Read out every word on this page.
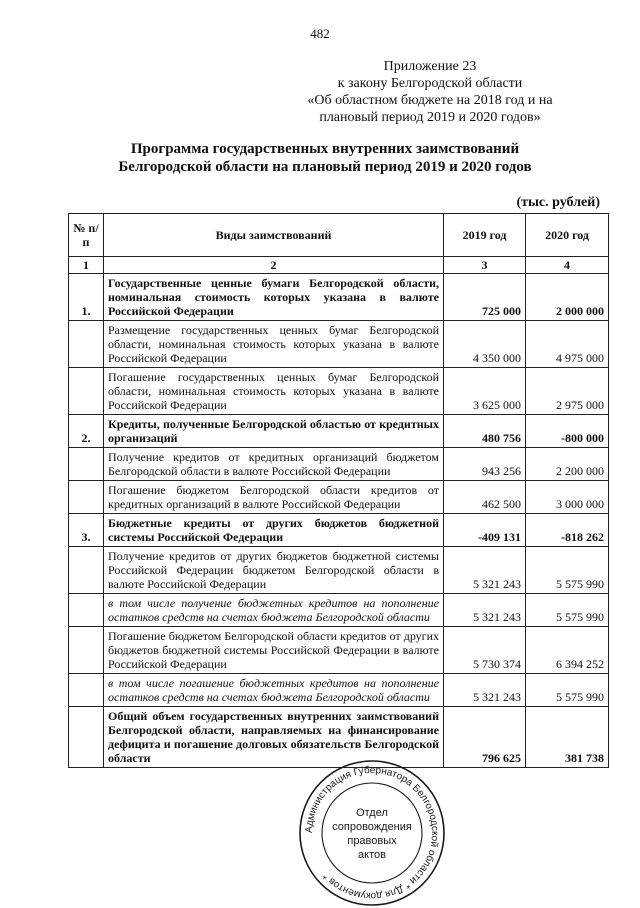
482
Приложение 23
к закону Белгородской области
«Об областном бюджете на 2018 год и на
плановый период 2019 и 2020 годов»
Программа государственных внутренних заимствований
Белгородской области на плановый период 2019 и 2020 годов
(тыс. рублей)
№ п/п	Виды заимствований	2019 год	2020 год
1	2	3	4
1.	Государственные ценные бумаги Белгородской области, номинальная стоимость которых указана в валюте Российской Федерации	725 000	2 000 000
	Размещение государственных ценных бумаг Белгородской области, номинальная стоимость которых указана в валюте Российской Федерации	4 350 000	4 975 000
	Погашение государственных ценных бумаг Белгородской области, номинальная стоимость которых указана в валюте Российской Федерации	3 625 000	2 975 000
2.	Кредиты, полученные Белгородской областью от кредитных организаций	480 756	-800 000
	Получение кредитов от кредитных организаций бюджетом Белгородской области в валюте Российской Федерации	943 256	2 200 000
	Погашение бюджетом Белгородской области кредитов от кредитных организаций в валюте Российской Федерации	462 500	3 000 000
3.	Бюджетные кредиты от других бюджетов бюджетной системы Российской Федерации	-409 131	-818 262
	Получение кредитов от других бюджетов бюджетной системы Российской Федерации бюджетом Белгородской области в валюте Российской Федерации	5 321 243	5 575 990
	в том числе получение бюджетных кредитов на пополнение остатков средств на счетах бюджета Белгородской области	5 321 243	5 575 990
	Погашение бюджетом Белгородской области кредитов от других бюджетов бюджетной системы Российской Федерации в валюте Российской Федерации	5 730 374	6 394 252
	в том числе погашение бюджетных кредитов на пополнение остатков средств на счетах бюджета Белгородской области	5 321 243	5 575 990
	Общий объем государственных внутренних заимствований Белгородской области, направляемых на финансирование дефицита и погашение долговых обязательств Белгородской области	796 625	381 738
Администрация Губернатора Белгородской области * Для документов *
Отдел
сопровождения
правовых
актов
